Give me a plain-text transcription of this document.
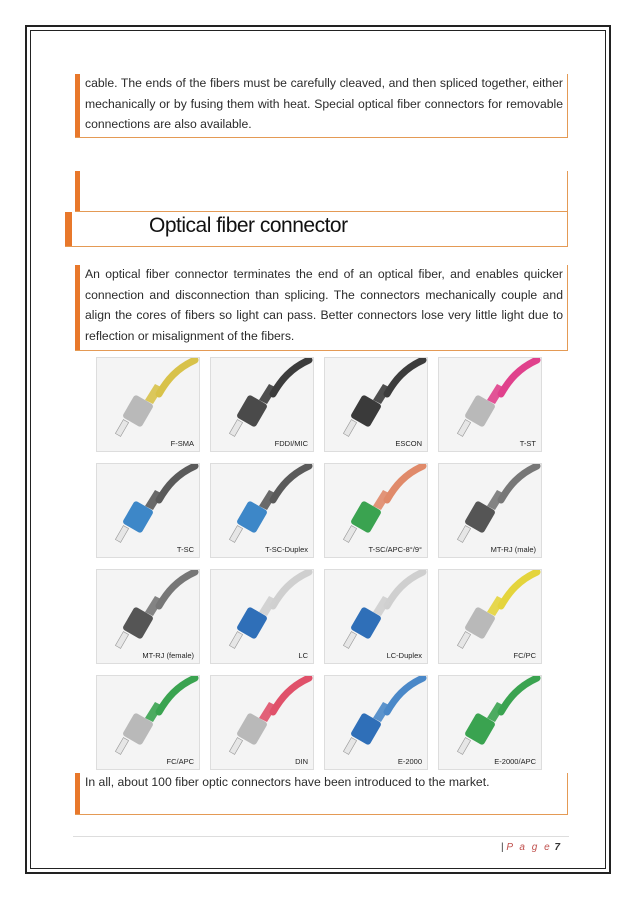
cable. The ends of the fibers must be carefully cleaved, and then spliced together, either mechanically or by fusing them with heat. Special optical fiber connectors for removable connections are also available.
Optical fiber connector
An optical fiber connector terminates the end of an optical fiber, and enables quicker connection and disconnection than splicing. The connectors mechanically couple and align the cores of fibers so light can pass. Better connectors lose very little light due to reflection or misalignment of the fibers.
F-SMA	FDDI/MIC	ESCON	T-ST
T-SC	T-SC-Duplex	T-SC/APC-8°/9°	MT-RJ (male)
MT-RJ (female)	LC	LC-Duplex	FC/PC
FC/APC	DIN	E-2000	E-2000/APC
In all, about 100 fiber optic connectors have been introduced to the market.
| P a g e 7
